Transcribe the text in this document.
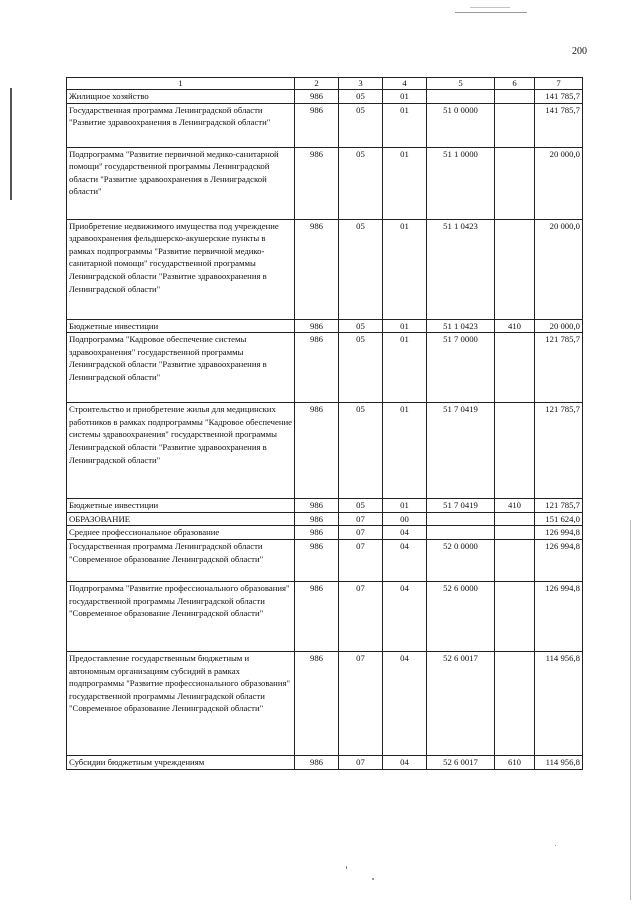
200
1	2	3	4	5	6	7
Жилищное хозяйство	986	05	01			141 785,7
Государственная программа Ленинградской области "Развитие здравоохранения в Ленинградской области"	986	05	01	51 0 0000		141 785,7
Подпрограмма "Развитие первичной медико-санитарной помощи" государственной программы Ленинградской области "Развитие здравоохранения в Ленинградской области"	986	05	01	51 1 0000		20 000,0
Приобретение недвижимого имущества под учреждение здравоохранения фельдшерско-акушерские пункты в рамках подпрограммы "Развитие первичной медико-санитарной помощи" государственной программы Ленинградской области "Развитие здравоохранения в Ленинградской области"	986	05	01	51 1 0423		20 000,0
Бюджетные инвестиции	986	05	01	51 1 0423	410	20 000,0
Подпрограмма "Кадровое обеспечение системы здравоохранения" государственной программы Ленинградской области "Развитие здравоохранения в Ленинградской области"	986	05	01	51 7 0000		121 785,7
Строительство и приобретение жилья для медицинских работников в рамках подпрограммы "Кадровое обеспечение системы здравоохранения" государственной программы Ленинградской области "Развитие здравоохранения в Ленинградской области"	986	05	01	51 7 0419		121 785,7
Бюджетные инвестиции	986	05	01	51 7 0419	410	121 785,7
ОБРАЗОВАНИЕ	986	07	00			151 624,0
Среднее профессиональное образование	986	07	04			126 994,8
Государственная программа Ленинградской области "Современное образование Ленинградской области"	986	07	04	52 0 0000		126 994,8
Подпрограмма "Развитие профессионального образования" государственной программы Ленинградской области "Современное образование Ленинградской области"	986	07	04	52 6 0000		126 994,8
Предоставление государственным бюджетным и автономным организациям субсидий в рамках подпрограммы "Развитие профессионального образования" государственной программы Ленинградской области "Современное образование Ленинградской области"	986	07	04	52 6 0017		114 956,8
Субсидии бюджетным учреждениям	986	07	04	52 6 0017	610	114 956,8
